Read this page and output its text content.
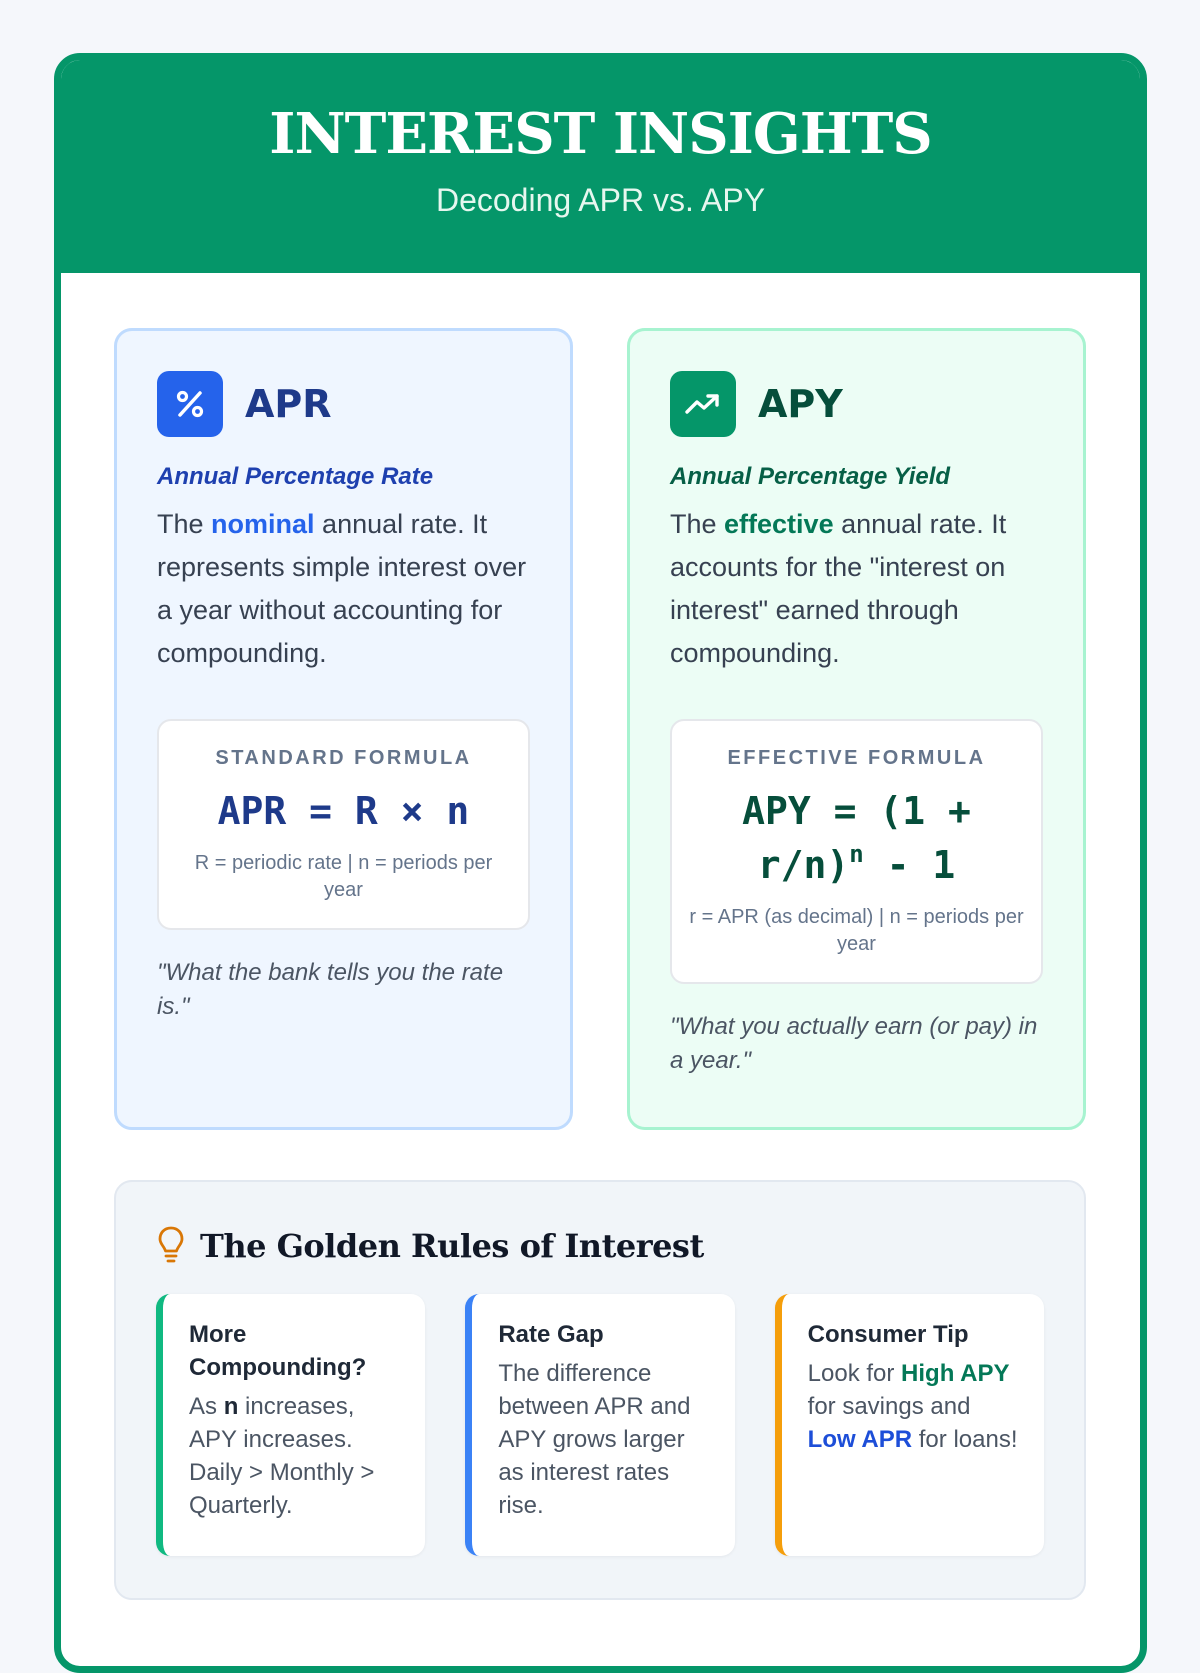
INTEREST INSIGHTS
Decoding APR vs. APY
APR
Annual Percentage Rate

The nominal annual rate. It represents simple interest over a year without accounting for compounding.

STANDARD FORMULA
APR = R × n
R = periodic rate | n = periods per year
"What the bank tells you the rate is."
APY
Annual Percentage Yield

The effective annual rate. It accounts for the "interest on interest" earned through compounding.

EFFECTIVE FORMULA
APY = (1 +
r/n)$^n$ - 1
r = APR (as decimal) | n = periods per year
"What you actually earn (or pay) in a year."
The Golden Rules of Interest
More Compounding?
As n increases, APY increases. Daily > Monthly > Quarterly.
Rate Gap
The difference between APR and APY grows larger as interest rates rise.
Consumer Tip
Look for High APY for savings and Low APR for loans!
